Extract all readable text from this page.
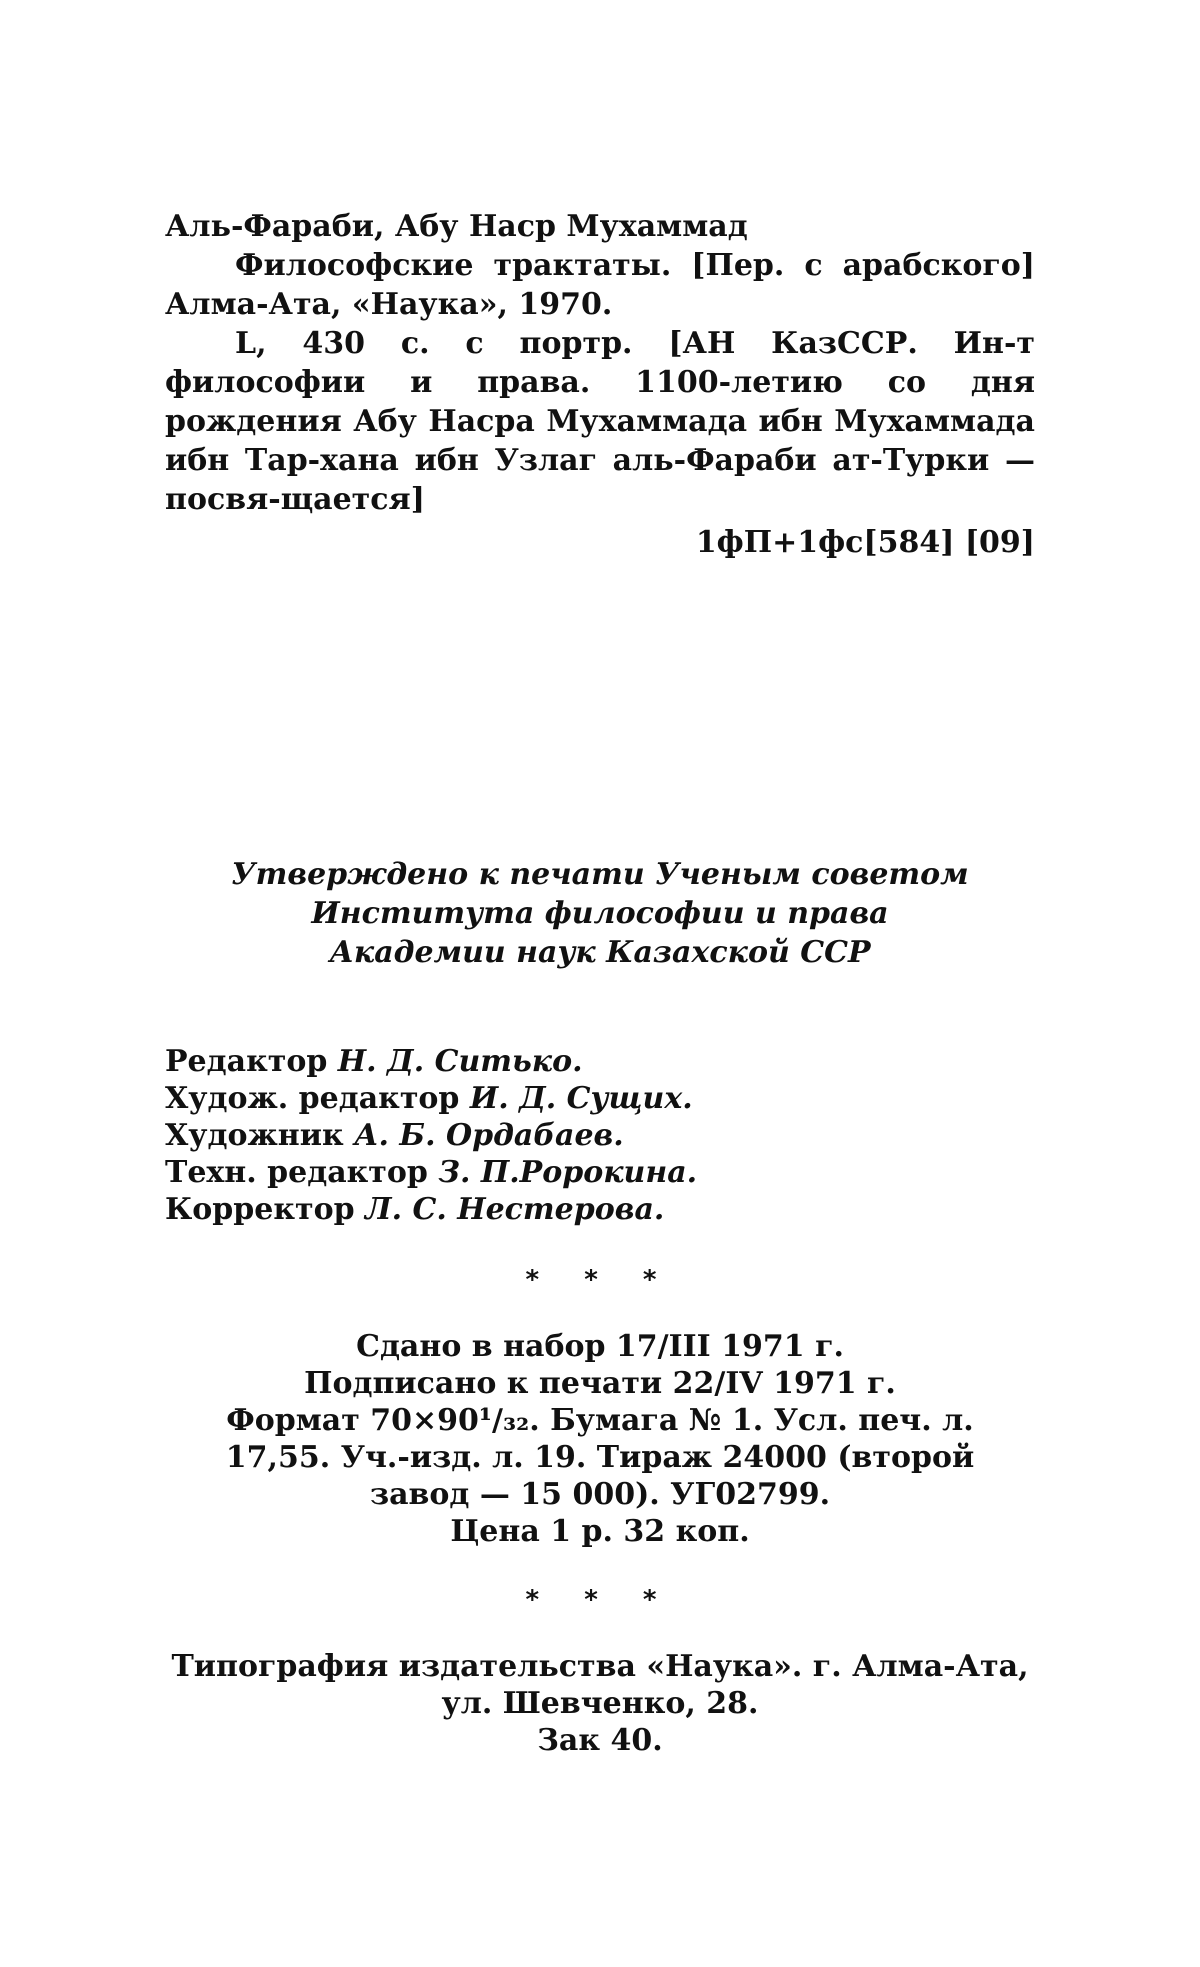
Аль-Фараби, Абу Наср Мухаммад

Философские трактаты. [Пер. с арабского] Алма-Ата, «Наука», 1970.

L, 430 с. с портр. [АН КазССР. Ин-т философии и права. 1100-летию со дня рождения Абу Насра Мухаммада ибн Мухаммада ибн Тар-хана ибн Узлаг аль-Фараби ат-Турки — посвя-щается]

1фП+1фс[584] [09]

Утверждено к печати Ученым советом
Института философии и права
Академии наук Казахской ССР
Редактор Н. Д. Ситько.
Худож. редактор И. Д. Сущих.
Художник А. Б. Ордабаев.
Техн. редактор З. П.Ророкина.
Корректор Л. С. Нестерова.
* * *
Сдано в набор 17/III 1971 г.
Подписано к печати 22/IV 1971 г.
Формат 70×90¹/₃₂. Бумага № 1. Усл. печ. л.
17,55. Уч.-изд. л. 19. Тираж 24000 (второй
завод — 15 000). УГ02799.
Цена 1 р. 32 коп.
* * *
Типография издательства «Наука». г. Алма-Ата,
ул. Шевченко, 28.
Зак 40.
